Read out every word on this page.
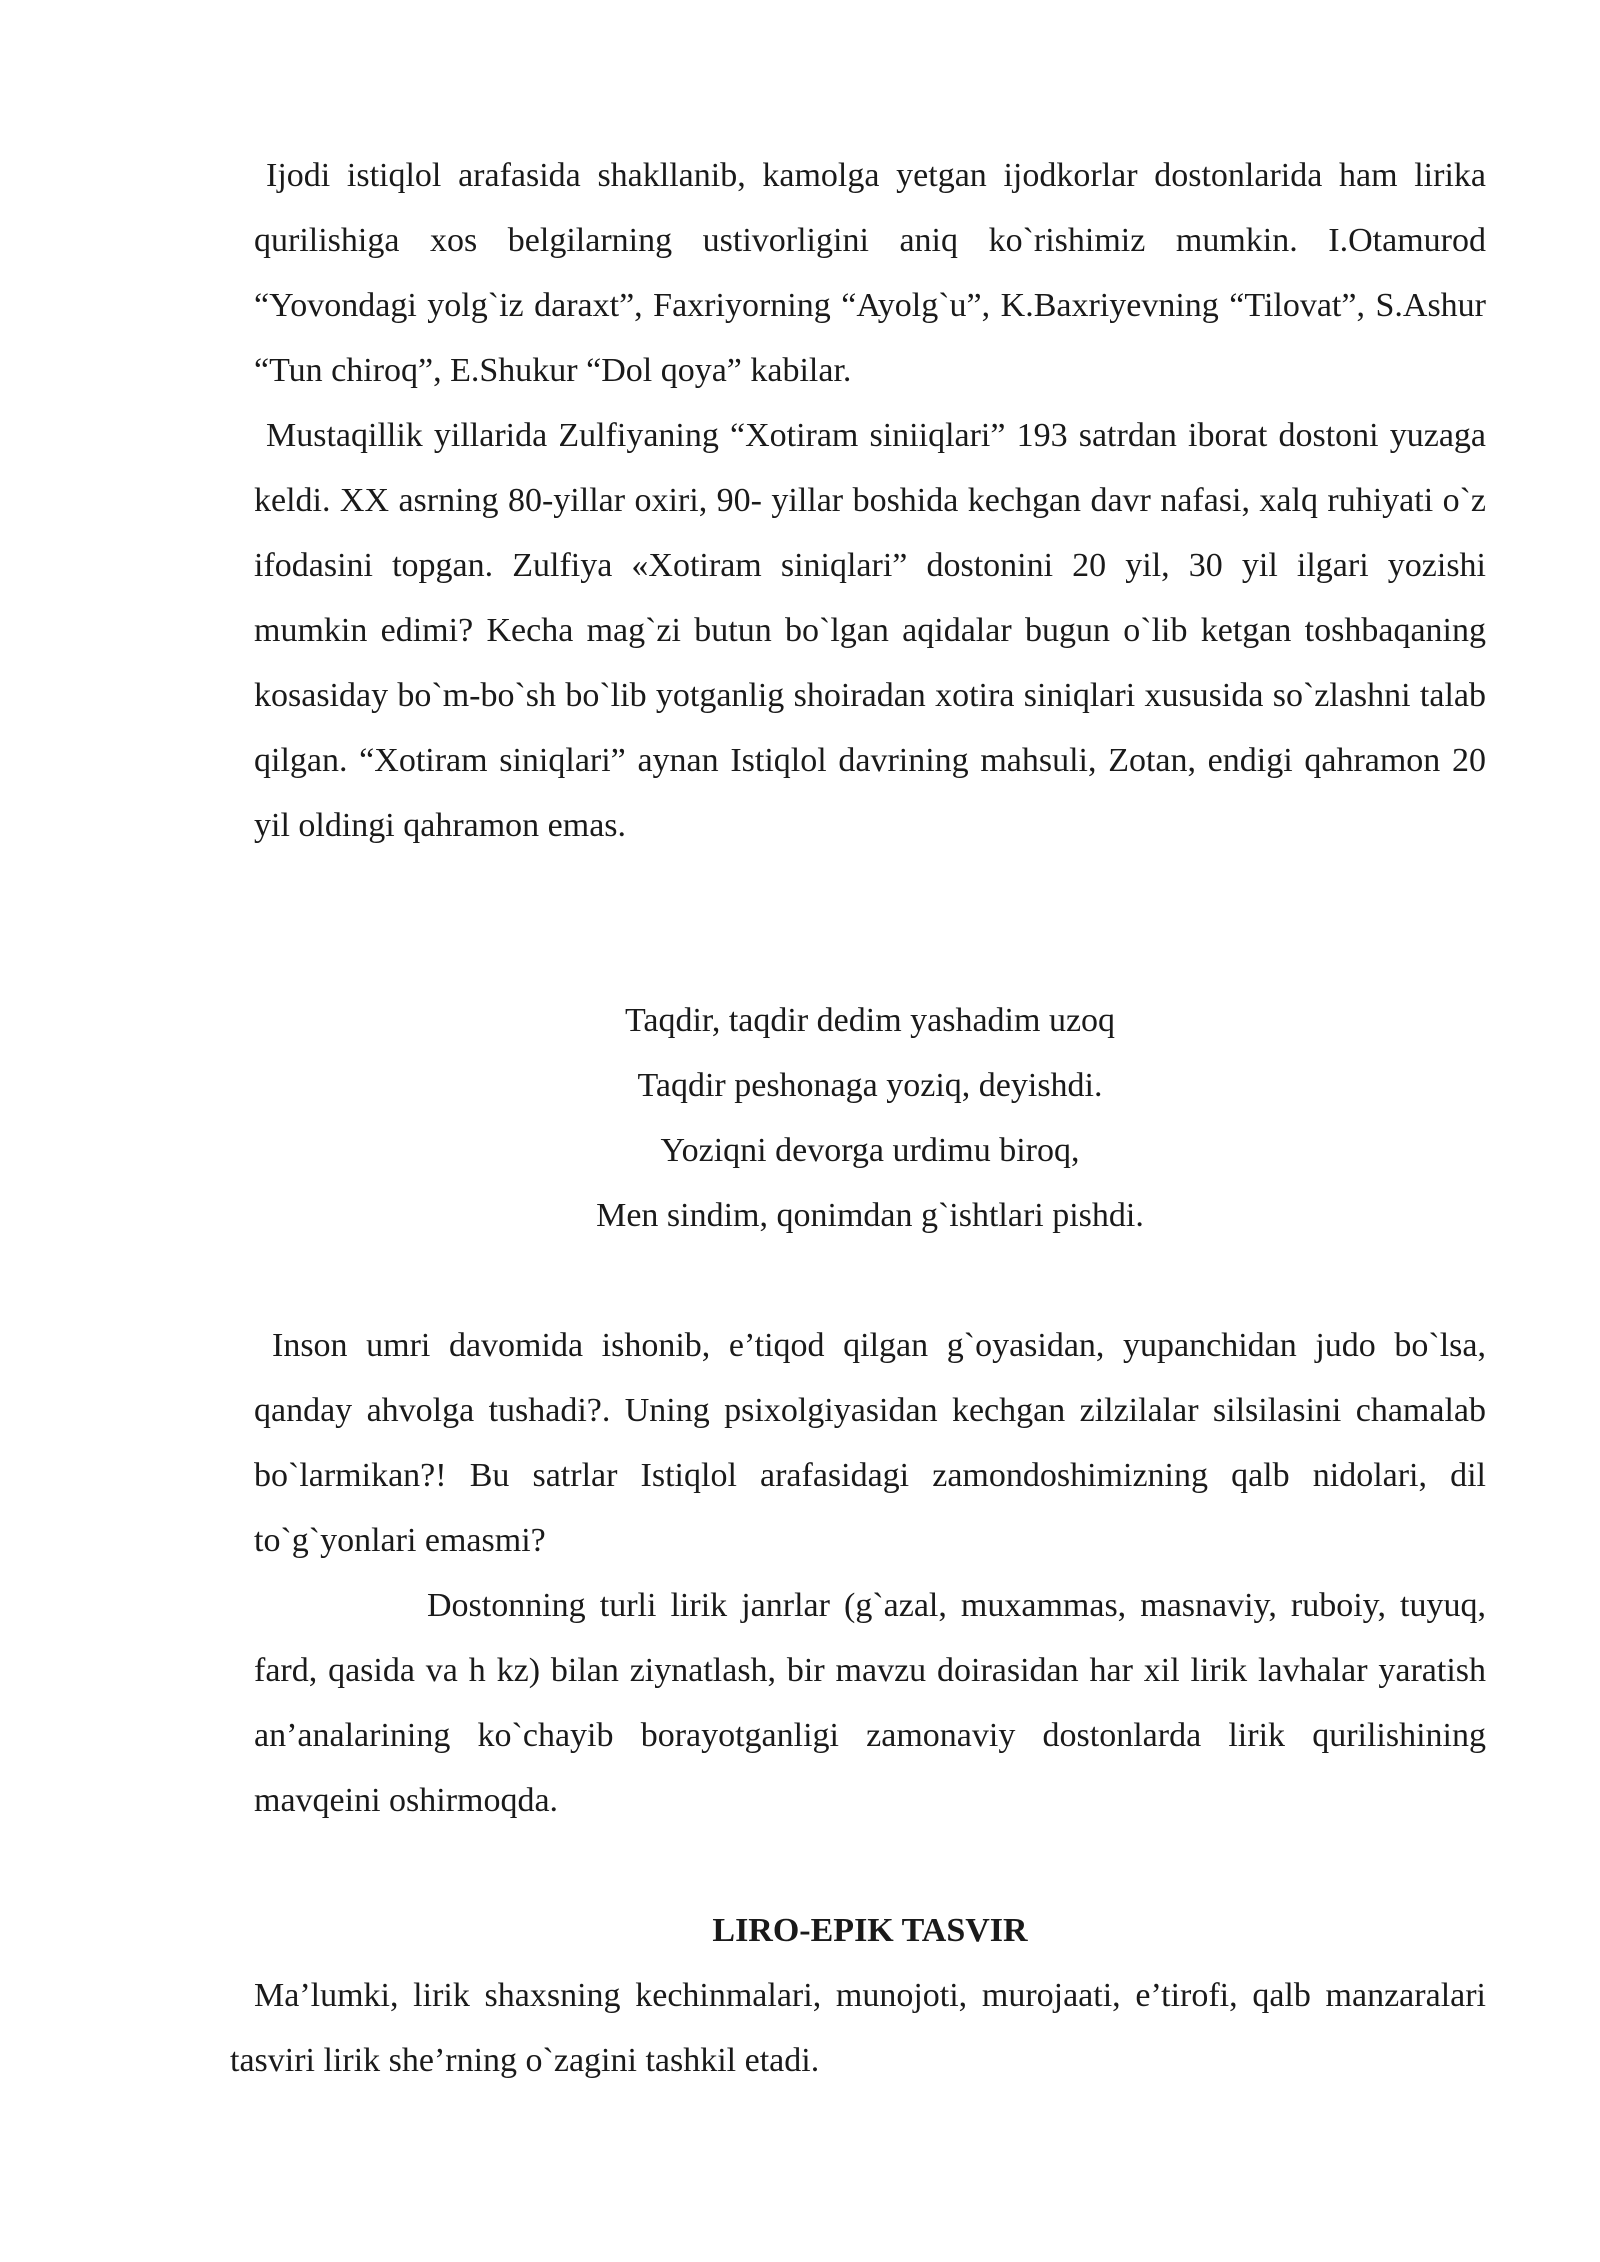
Ijodi istiqlol arafasida shakllanib, kamolga yetgan ijodkorlar dostonlarida ham lirika qurilishiga xos belgilarning ustivorligini aniq ko`rishimiz mumkin. I.Otamurod “Yovondagi yolg`iz daraxt”, Faxriyorning “Ayolg`u”, K.Baxriyevning “Tilovat”, S.Ashur “Tun chiroq”, E.Shukur “Dol qoya” kabilar.

Mustaqillik yillarida Zulfiyaning “Xotiram siniiqlari” 193 satrdan iborat dostoni yuzaga keldi. XX asrning 80-yillar oxiri, 90- yillar boshida kechgan davr nafasi, xalq ruhiyati o`z ifodasini topgan. Zulfiya «Xotiram siniqlari” dostonini 20 yil, 30 yil ilgari yozishi mumkin edimi? Kecha mag`zi butun bo`lgan aqidalar bugun o`lib ketgan toshbaqaning kosasiday bo`m-bo`sh bo`lib yotganlig shoiradan xotira siniqlari xususida so`zlashni talab qilgan. “Xotiram siniqlari” aynan Istiqlol davrining mahsuli, Zotan, endigi qahramon 20 yil oldingi qahramon emas.

Taqdir, taqdir dedim yashadim uzoq
Taqdir peshonaga yoziq, deyishdi.
Yoziqni devorga urdimu biroq,
Men sindim, qonimdan g`ishtlari pishdi.

Inson umri davomida ishonib, e’tiqod qilgan g`oyasidan, yupanchidan judo bo`lsa, qanday ahvolga tushadi?. Uning psixolgiyasidan kechgan zilzilalar silsilasini chamalab bo`larmikan?! Bu satrlar Istiqlol arafasidagi zamondoshimizning qalb nidolari, dil to`g`yonlari emasmi?

Dostonning turli lirik janrlar (g`azal, muxammas, masnaviy, ruboiy, tuyuq, fard, qasida va h kz) bilan ziynatlash, bir mavzu doirasidan har xil lirik lavhalar yaratish an’analarining ko`chayib borayotganligi zamonaviy dostonlarda lirik qurilishining mavqeini oshirmoqda.

LIRO-EPIK TASVIR

Ma’lumki, lirik shaxsning kechinmalari, munojoti, murojaati, e’tirofi, qalb manzaralari tasviri lirik she’rning o`zagini tashkil etadi.
